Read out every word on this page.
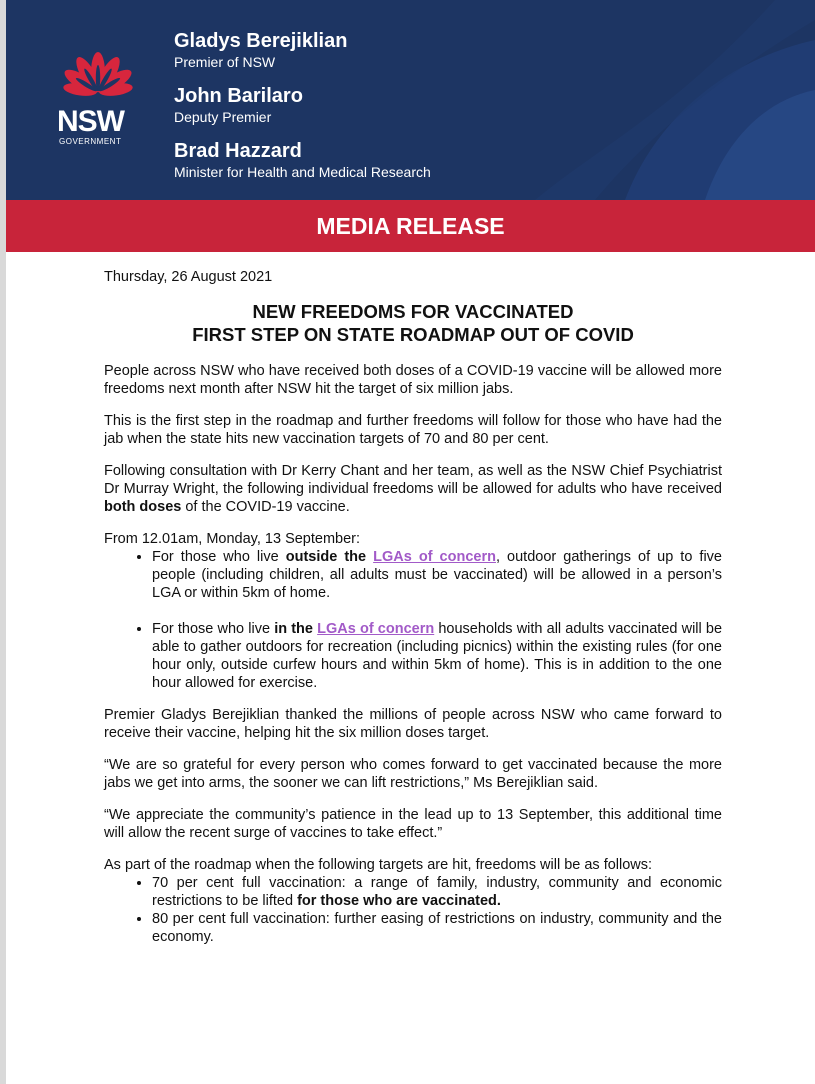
NSW
GOVERNMENT
Gladys Berejiklian
Premier of NSW
John Barilaro
Deputy Premier
Brad Hazzard
Minister for Health and Medical Research
MEDIA RELEASE
Thursday, 26 August 2021
NEW FREEDOMS FOR VACCINATED
FIRST STEP ON STATE ROADMAP OUT OF COVID

People across NSW who have received both doses of a COVID-19 vaccine will be allowed more freedoms next month after NSW hit the target of six million jabs.

This is the first step in the roadmap and further freedoms will follow for those who have had the jab when the state hits new vaccination targets of 70 and 80 per cent.

Following consultation with Dr Kerry Chant and her team, as well as the NSW Chief Psychiatrist Dr Murray Wright, the following individual freedoms will be allowed for adults who have received both doses of the COVID-19 vaccine.

From 12.01am, Monday, 13 September:

• For those who live outside the LGAs of concern, outdoor gatherings of up to five people (including children, all adults must be vaccinated) will be allowed in a person’s LGA or within 5km of home.
• For those who live in the LGAs of concern households with all adults vaccinated will be able to gather outdoors for recreation (including picnics) within the existing rules (for one hour only, outside curfew hours and within 5km of home). This is in addition to the one hour allowed for exercise.

Premier Gladys Berejiklian thanked the millions of people across NSW who came forward to receive their vaccine, helping hit the six million doses target.

“We are so grateful for every person who comes forward to get vaccinated because the more jabs we get into arms, the sooner we can lift restrictions,” Ms Berejiklian said.

“We appreciate the community’s patience in the lead up to 13 September, this additional time will allow the recent surge of vaccines to take effect.”

As part of the roadmap when the following targets are hit, freedoms will be as follows:

• 70 per cent full vaccination: a range of family, industry, community and economic restrictions to be lifted for those who are vaccinated.
• 80 per cent full vaccination: further easing of restrictions on industry, community and the economy.
